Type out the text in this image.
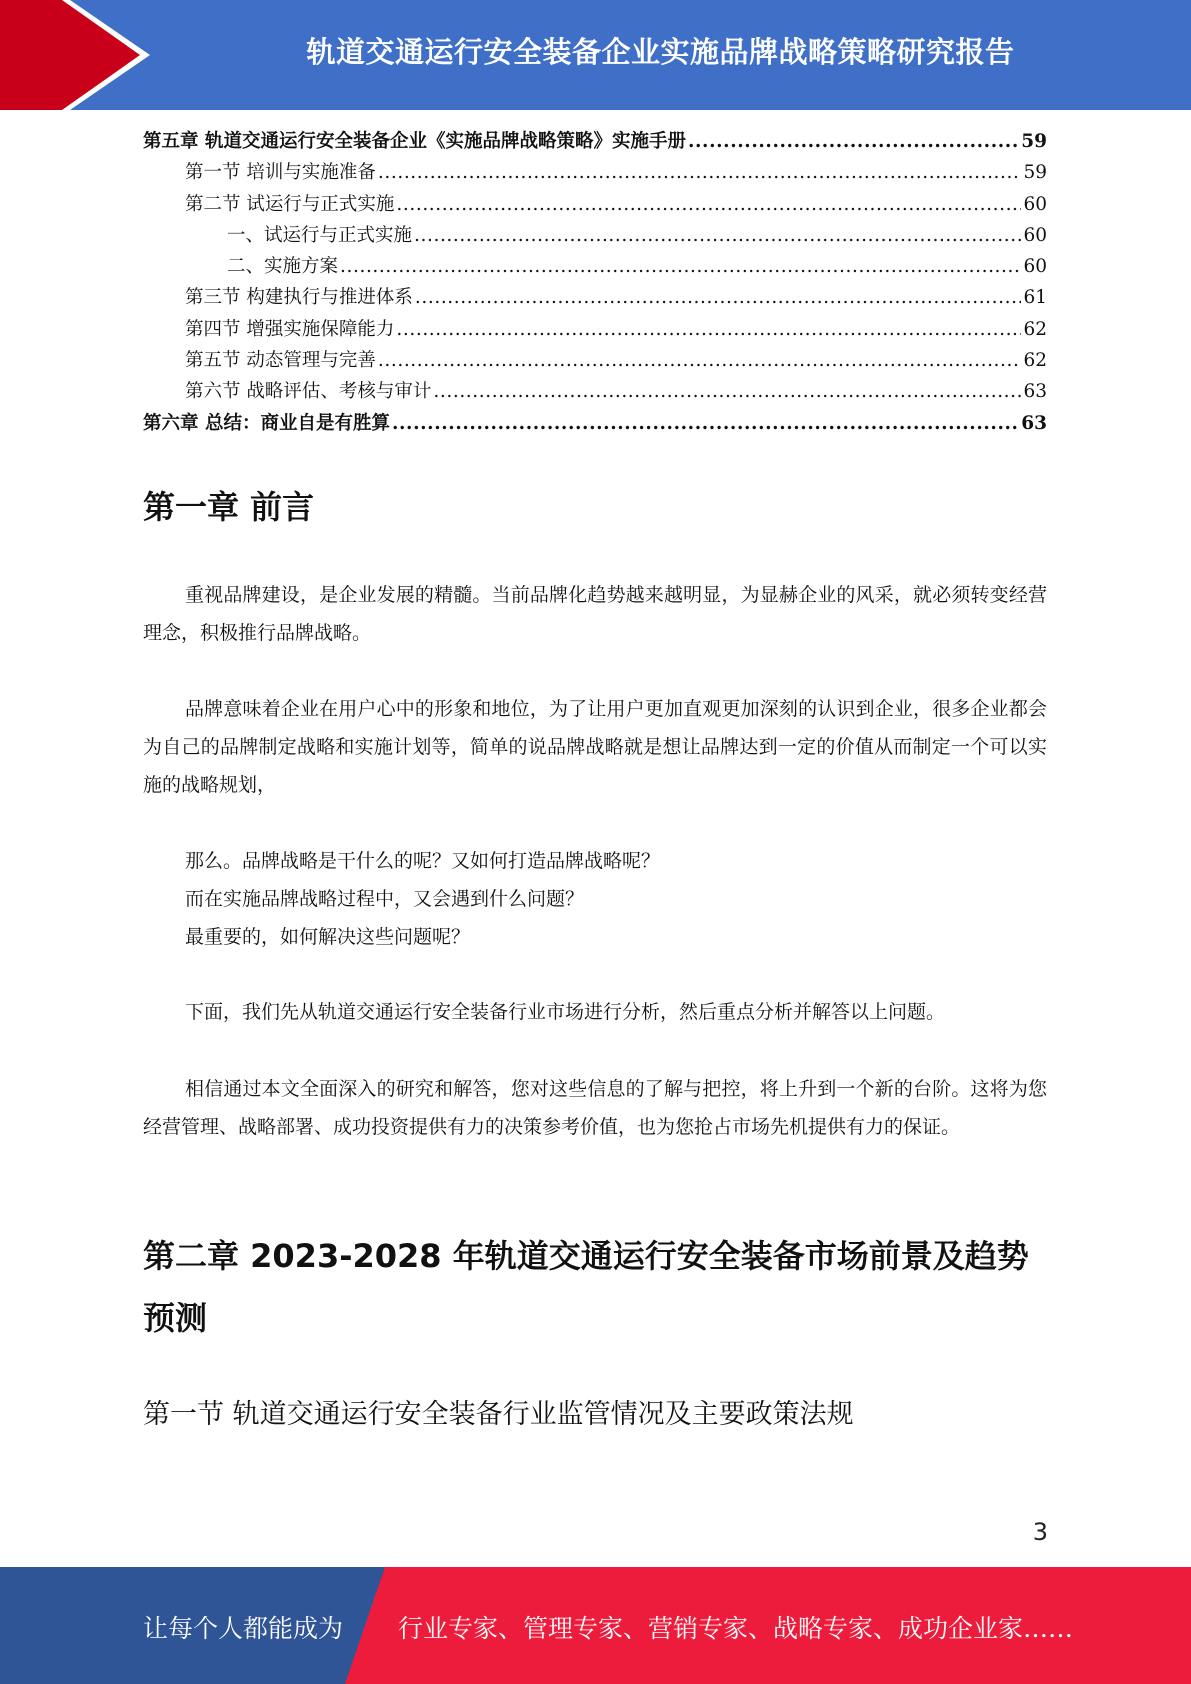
轨道交通运行安全装备企业实施品牌战略策略研究报告
第五章 轨道交通运行安全装备企业《实施品牌战略策略》实施手册 .....	59
第一节 培训与实施准备 .....	59
第二节 试运行与正式实施 .....	60
一、试运行与正式实施 .....	60
二、实施方案 .....	60
第三节 构建执行与推进体系 .....	61
第四节 增强实施保障能力 .....	62
第五节 动态管理与完善 .....	62
第六节 战略评估、考核与审计 .....	63
第六章 总结：商业自是有胜算 .....	63
第一章 前言

重视品牌建设，是企业发展的精髓。当前品牌化趋势越来越明显，为显赫企业的风采，就必须转变经营理念，积极推行品牌战略。

品牌意味着企业在用户心中的形象和地位，为了让用户更加直观更加深刻的认识到企业，很多企业都会为自己的品牌制定战略和实施计划等，简单的说品牌战略就是想让品牌达到一定的价值从而制定一个可以实施的战略规划，

那么。品牌战略是干什么的呢？又如何打造品牌战略呢？

而在实施品牌战略过程中，又会遇到什么问题？

最重要的，如何解决这些问题呢？

下面，我们先从轨道交通运行安全装备行业市场进行分析，然后重点分析并解答以上问题。

相信通过本文全面深入的研究和解答，您对这些信息的了解与把控，将上升到一个新的台阶。这将为您经营管理、战略部署、成功投资提供有力的决策参考价值，也为您抢占市场先机提供有力的保证。

第二章 2023-2028 年轨道交通运行安全装备市场前景及趋势预测
第一节 轨道交通运行安全装备行业监管情况及主要政策法规
3
让每个人都能成为 行业专家、管理专家、营销专家、战略专家、成功企业家……
